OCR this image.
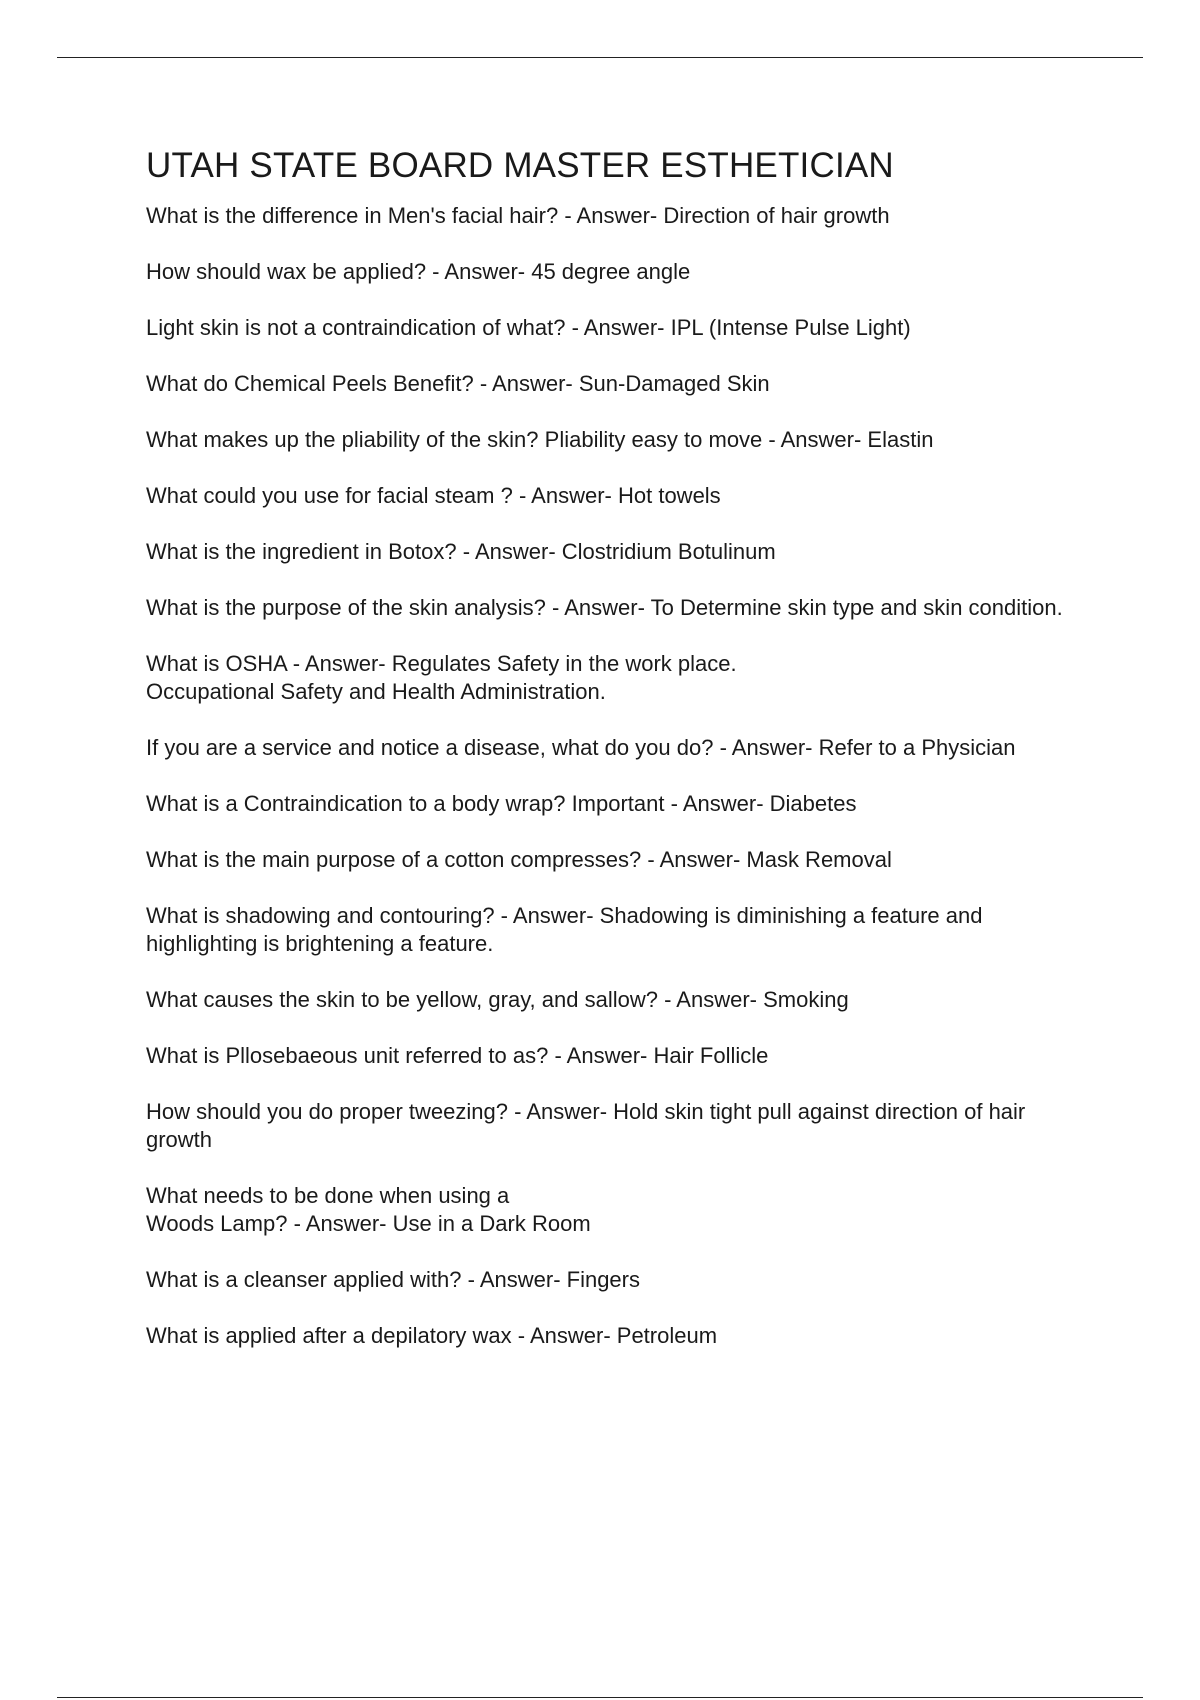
UTAH STATE BOARD MASTER ESTHETICIAN

What is the difference in Men's facial hair? - Answer- Direction of hair growth

How should wax be applied? - Answer- 45 degree angle

Light skin is not a contraindication of what? - Answer- IPL (Intense Pulse Light)

What do Chemical Peels Benefit? - Answer- Sun-Damaged Skin

What makes up the pliability of the skin? Pliability easy to move - Answer- Elastin

What could you use for facial steam ? - Answer- Hot towels

What is the ingredient in Botox? - Answer- Clostridium Botulinum

What is the purpose of the skin analysis? - Answer- To Determine skin type and skin condition.

What is OSHA - Answer- Regulates Safety in the work place.
Occupational Safety and Health Administration.

If you are a service and notice a disease, what do you do? - Answer- Refer to a Physician

What is a Contraindication to a body wrap? Important - Answer- Diabetes

What is the main purpose of a cotton compresses? - Answer- Mask Removal

What is shadowing and contouring? - Answer- Shadowing is diminishing a feature and highlighting is brightening a feature.

What causes the skin to be yellow, gray, and sallow? - Answer- Smoking

What is Pllosebaeous unit referred to as? - Answer- Hair Follicle

How should you do proper tweezing? - Answer- Hold skin tight pull against direction of hair growth

What needs to be done when using a
Woods Lamp? - Answer- Use in a Dark Room

What is a cleanser applied with? - Answer- Fingers

What is applied after a depilatory wax - Answer- Petroleum
